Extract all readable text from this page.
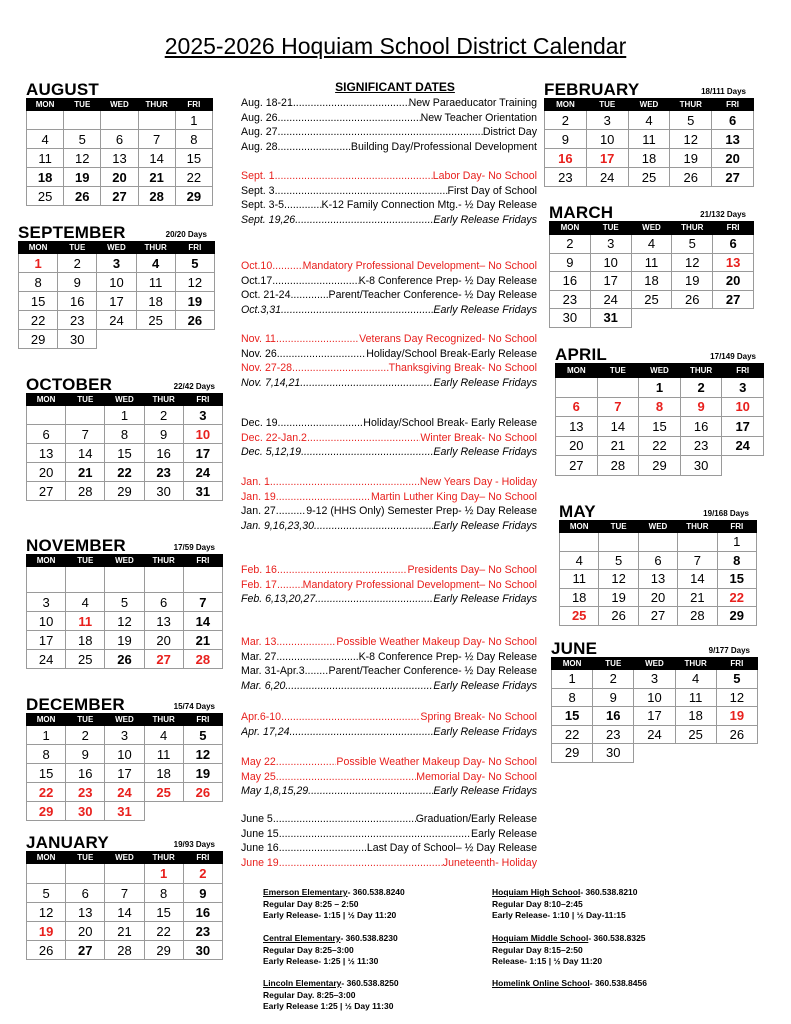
2025-2026 Hoquiam School District Calendar
AUGUST
MON	TUE	WED	THUR	FRI
				1
4	5	6	7	8
11	12	13	14	15
18	19	20	21	22
25	26	27	28	29
SEPTEMBER	20/20 Days
MON	TUE	WED	THUR	FRI
1	2	3	4	5
8	9	10	11	12
15	16	17	18	19
22	23	24	25	26
29	30			
OCTOBER	22/42 Days
MON	TUE	WED	THUR	FRI
		1	2	3
6	7	8	9	10
13	14	15	16	17
20	21	22	23	24
27	28	29	30	31
NOVEMBER	17/59 Days
MON	TUE	WED	THUR	FRI

3	4	5	6	7
10	11	12	13	14
17	18	19	20	21
24	25	26	27	28
DECEMBER	15/74 Days
MON	TUE	WED	THUR	FRI
1	2	3	4	5
8	9	10	11	12
15	16	17	18	19
22	23	24	25	26
29	30	31		
JANUARY	19/93 Days
MON	TUE	WED	THUR	FRI
			1	2
5	6	7	8	9
12	13	14	15	16
19	20	21	22	23
26	27	28	29	30
FEBRUARY	18/111 Days
MON	TUE	WED	THUR	FRI
2	3	4	5	6
9	10	11	12	13
16	17	18	19	20
23	24	25	26	27
MARCH	21/132 Days
MON	TUE	WED	THUR	FRI
2	3	4	5	6
9	10	11	12	13
16	17	18	19	20
23	24	25	26	27
30	31			
APRIL	17/149 Days
MON	TUE	WED	THUR	FRI
		1	2	3
6	7	8	9	10
13	14	15	16	17
20	21	22	23	24
27	28	29	30	
MAY	19/168 Days
MON	TUE	WED	THUR	FRI
				1
4	5	6	7	8
11	12	13	14	15
18	19	20	21	22
25	26	27	28	29
JUNE	9/177 Days
MON	TUE	WED	THUR	FRI
1	2	3	4	5
8	9	10	11	12
15	16	17	18	19
22	23	24	25	26
29	30			
SIGNIFICANT DATES
Aug. 18-21 .....	New Paraeducator Training
Aug. 26 .....	New Teacher Orientation
Aug. 27 .....	District Day
Aug. 28 .....	Building Day/Professional Development
Sept. 1 .....	Labor Day- No School
Sept. 3 .....	First Day of School
Sept. 3-5 .....	K-12 Family Connection Mtg.- ½ Day Release
Sept. 19,26 .....	Early Release Fridays
Oct.10 .....	Mandatory Professional Development– No School
Oct.17 .....	K-8 Conference Prep- ½ Day Release
Oct. 21-24 .....	Parent/Teacher Conference- ½ Day Release
Oct.3,31 .....	Early Release Fridays
Nov. 11 .....	Veterans Day Recognized- No School
Nov. 26 .....	Holiday/School Break-Early Release
Nov. 27-28 .....	Thanksgiving Break- No School
Nov. 7,14,21 .....	Early Release Fridays
Dec. 19 .....	Holiday/School Break- Early Release
Dec. 22-Jan.2 .....	Winter Break- No School
Dec. 5,12,19 .....	Early Release Fridays
Jan. 1 .....	New Years Day - Holiday
Jan. 19 .....	Martin Luther King Day– No School
Jan. 27 .....	9-12 (HHS Only) Semester Prep- ½ Day Release
Jan. 9,16,23,30 .....	Early Release Fridays
Feb. 16 .....	Presidents Day– No School
Feb. 17 ..... Mandatory Professional Development– No School
Feb. 6,13,20,27 .....	Early Release Fridays
Mar. 13 .....	Possible Weather Makeup Day- No School
Mar. 27 .....	K-8 Conference Prep- ½ Day Release
Mar. 31-Apr.3 ..... Parent/Teacher Conference- ½ Day Release
Mar. 6,20 .....	Early Release Fridays
Apr.6-10 .....	Spring Break- No School
Apr. 17,24 .....	Early Release Fridays
May 22 .....	Possible Weather Makeup Day- No School
May 25 .....	Memorial Day- No School
May 1,8,15,29 .....	Early Release Fridays
June 5 .....	Graduation/Early Release
June 15 .....	Early Release
June 16 .....	Last Day of School– ½ Day Release
June 19 .....	Juneteenth- Holiday
Emerson Elementary- 360.538.8240
Regular Day 8:25 – 2:50
Early Release- 1:15 | ½ Day 11:20
Central Elementary- 360.538.8230
Regular Day 8:25–3:00
Early Release- 1:25 | ½ 11:30
Lincoln Elementary- 360.538.8250
Regular Day. 8:25–3:00
Early Release 1:25 | ½ Day 11:30
Hoquiam High School- 360.538.8210
Regular Day 8:10–2:45
Early Release- 1:10 | ½ Day-11:15
Hoquiam Middle School- 360.538.8325
Regular Day 8:15–2:50
Release- 1:15 | ½ Day 11:20
Homelink Online School- 360.538.8456
